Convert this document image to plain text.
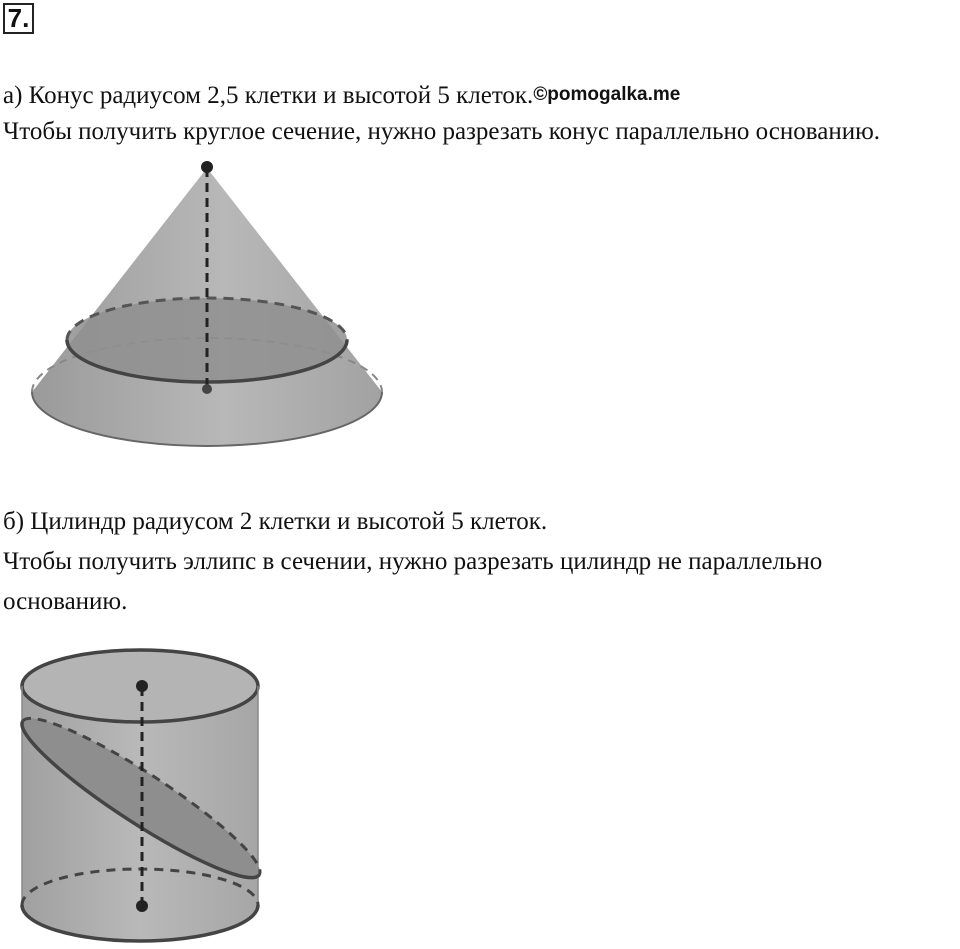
7.
а) Конус радиусом 2,5 клетки и высотой 5 клеток.©pomogalka.me
Чтобы получить круглое сечение, нужно разрезать конус параллельно основанию.
б) Цилиндр радиусом 2 клетки и высотой 5 клеток.
Чтобы получить эллипс в сечении, нужно разрезать цилиндр не параллельно
основанию.
